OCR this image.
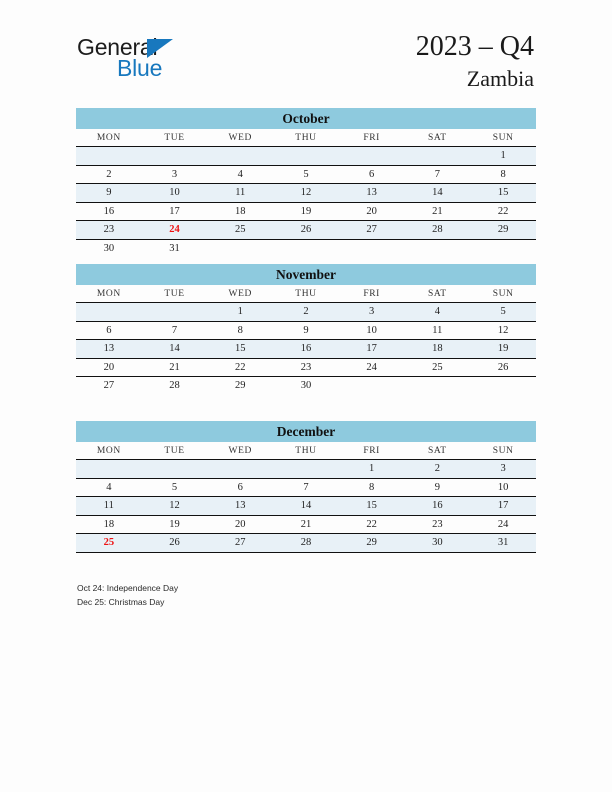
General
Blue
2023 – Q4
Zambia
October
MON	TUE	WED	THU	FRI	SAT	SUN
						1
2	3	4	5	6	7	8
9	10	11	12	13	14	15
16	17	18	19	20	21	22
23	24	25	26	27	28	29
30	31					
November
MON	TUE	WED	THU	FRI	SAT	SUN
		1	2	3	4	5
6	7	8	9	10	11	12
13	14	15	16	17	18	19
20	21	22	23	24	25	26
27	28	29	30			
December
MON	TUE	WED	THU	FRI	SAT	SUN
				1	2	3
4	5	6	7	8	9	10
11	12	13	14	15	16	17
18	19	20	21	22	23	24
25	26	27	28	29	30	31
Oct 24: Independence Day
Dec 25: Christmas Day
